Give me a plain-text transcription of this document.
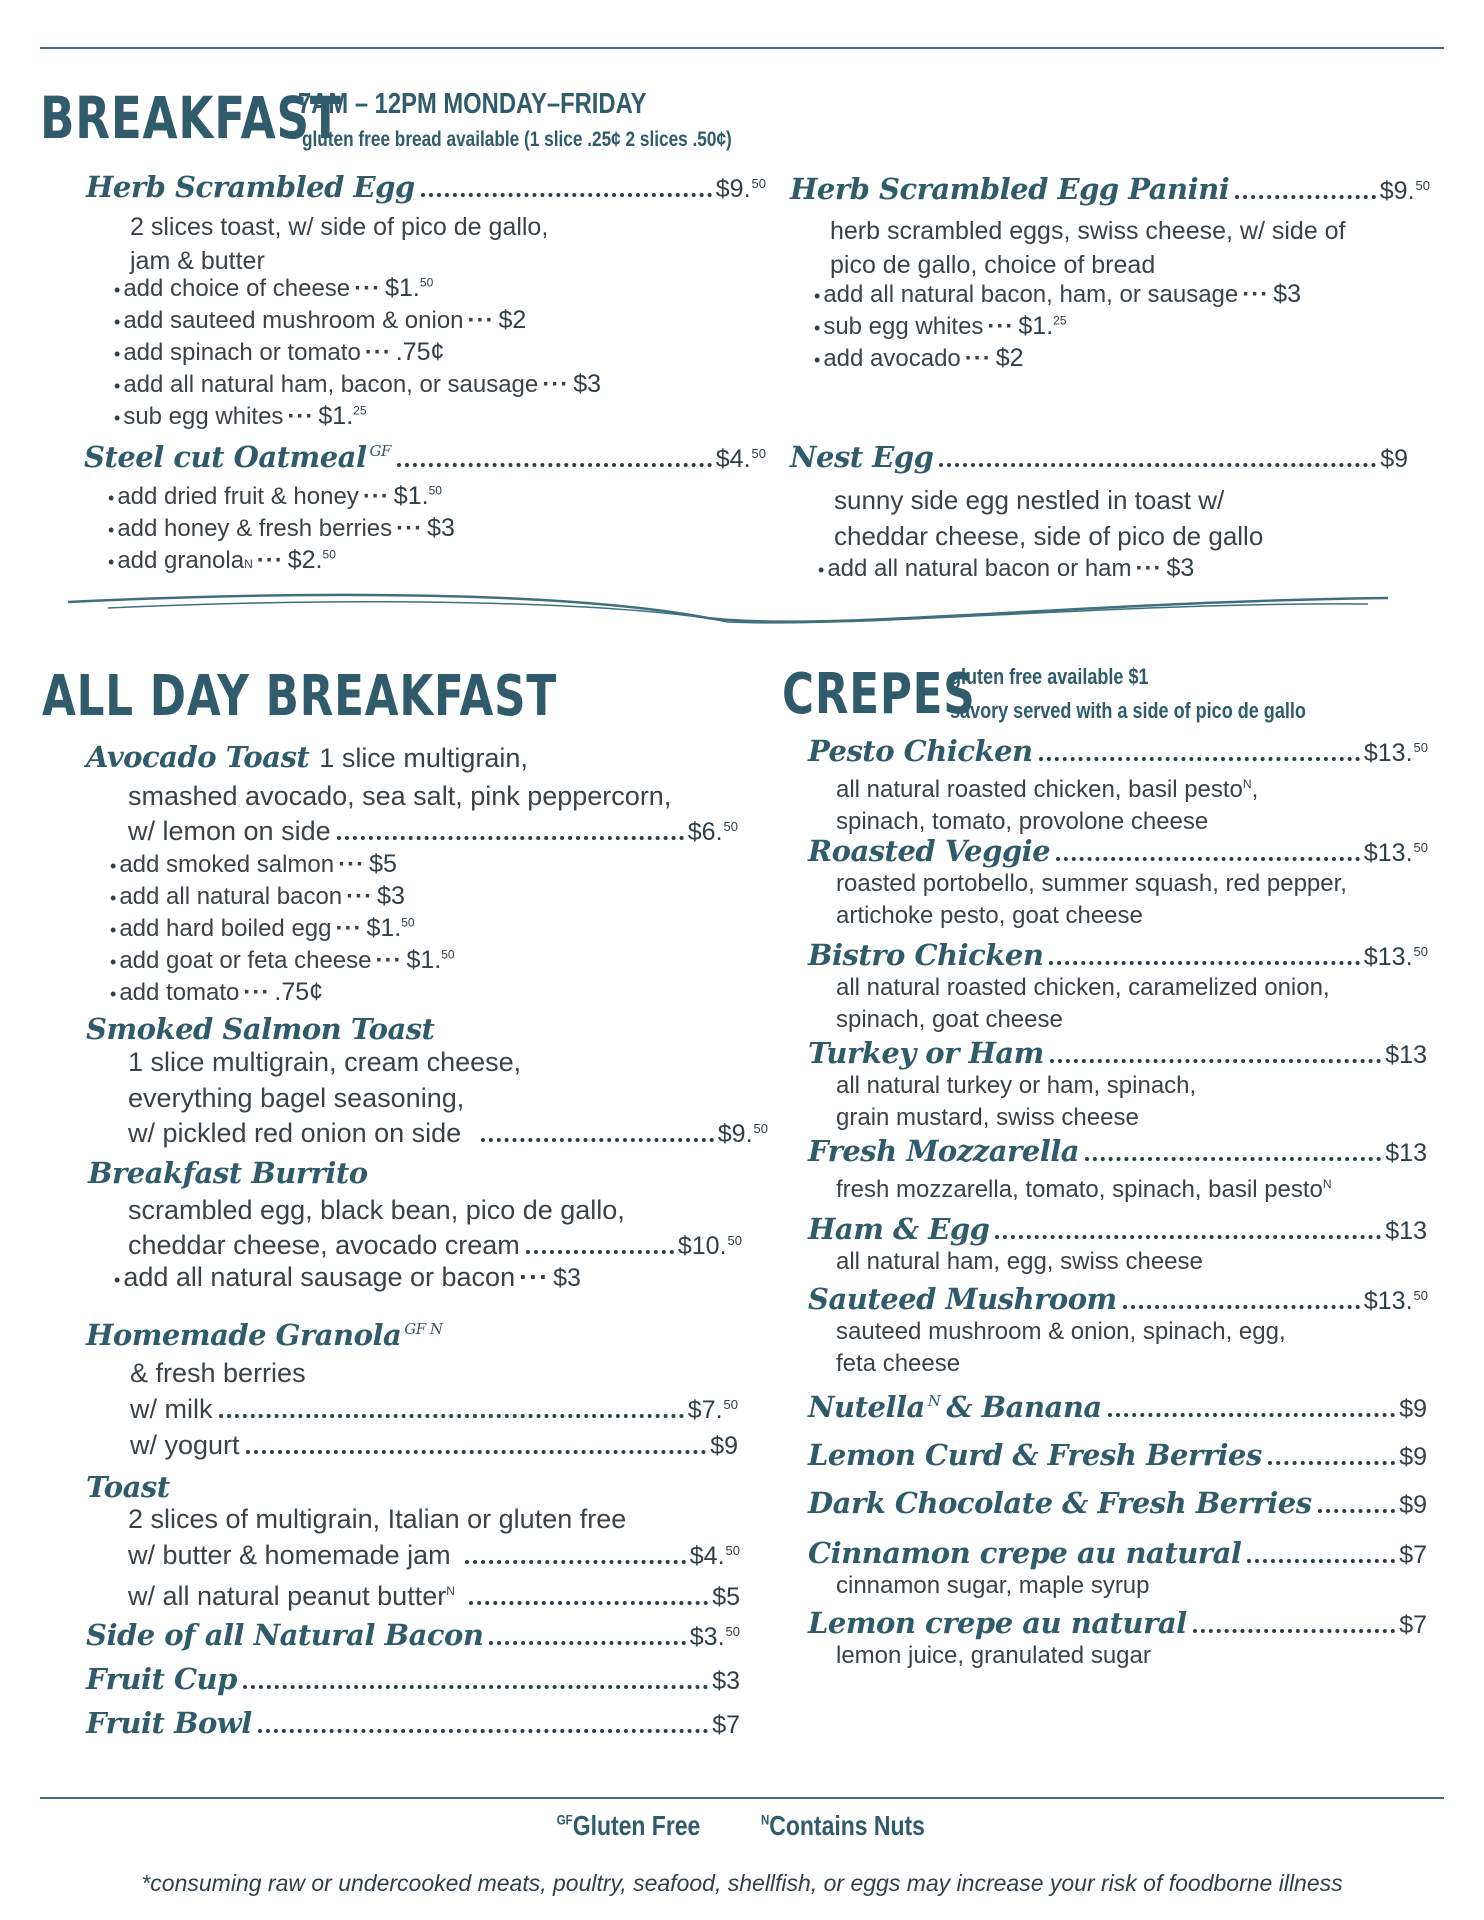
BREAKFAST
7AM – 12PM MONDAY–FRIDAY
gluten free bread available (1 slice .25¢ 2 slices .50¢)
Herb Scrambled Egg	$9.50
2 slices toast, w/ side of pico de gallo,
jam & butter
• add choice of cheese ··· $1.50
• add sauteed mushroom & onion ··· $2
• add spinach or tomato ··· .75¢
• add all natural ham, bacon, or sausage ··· $3
• sub egg whites ··· $1.25
Steel cut Oatmeal $^{GF}$	$4.50
• add dried fruit & honey ··· $1.50
• add honey & fresh berries ··· $3
• add granola N ··· $2.50
Herb Scrambled Egg Panini	$9.50
herb scrambled eggs, swiss cheese, w/ side of
pico de gallo, choice of bread
• add all natural bacon, ham, or sausage ··· $3
• sub egg whites ··· $1.25
• add avocado ··· $2
Nest Egg	$9
sunny side egg nestled in toast w/
cheddar cheese, side of pico de gallo
• add all natural bacon or ham ··· $3
ALL DAY BREAKFAST
Avocado Toast 1 slice multigrain,
smashed avocado, sea salt, pink peppercorn,
w/ lemon on side	$6.50
• add smoked salmon ··· $5
• add all natural bacon ··· $3
• add hard boiled egg ··· $1.50
• add goat or feta cheese ··· $1.50
• add tomato ··· .75¢
Smoked Salmon Toast
1 slice multigrain, cream cheese,
everything bagel seasoning,
w/ pickled red onion on side	$9.50
Breakfast Burrito
scrambled egg, black bean, pico de gallo,
cheddar cheese, avocado cream	$10.50
• add all natural sausage or bacon ··· $3
Homemade Granola $^{GF N}$
& fresh berries
w/ milk	$7.50
w/ yogurt	$9
Toast
2 slices of multigrain, Italian or gluten free
w/ butter & homemade jam	$4.50
w/ all natural peanut butter$^N$	$5
Side of all Natural Bacon	$3.50
Fruit Cup	$3
Fruit Bowl	$7
CREPES
gluten free available $1
savory served with a side of pico de gallo
Pesto Chicken	$13.50
all natural roasted chicken, basil pesto$^N$,
spinach, tomato, provolone cheese
Roasted Veggie	$13.50
roasted portobello, summer squash, red pepper,
artichoke pesto, goat cheese
Bistro Chicken	$13.50
all natural roasted chicken, caramelized onion,
spinach, goat cheese
Turkey or Ham	$13
all natural turkey or ham, spinach,
grain mustard, swiss cheese
Fresh Mozzarella	$13
fresh mozzarella, tomato, spinach, basil pesto$^N$
Ham & Egg	$13
all natural ham, egg, swiss cheese
Sauteed Mushroom	$13.50
sauteed mushroom & onion, spinach, egg,
feta cheese
Nutella $^N$ & Banana	$9
Lemon Curd & Fresh Berries	$9
Dark Chocolate & Fresh Berries	$9
Cinnamon crepe au natural	$7
cinnamon sugar, maple syrup
Lemon crepe au natural	$7
lemon juice, granulated sugar
$^{GF}$Gluten Free	$^N$Contains Nuts
*consuming raw or undercooked meats, poultry, seafood, shellfish, or eggs may increase your risk of foodborne illness
